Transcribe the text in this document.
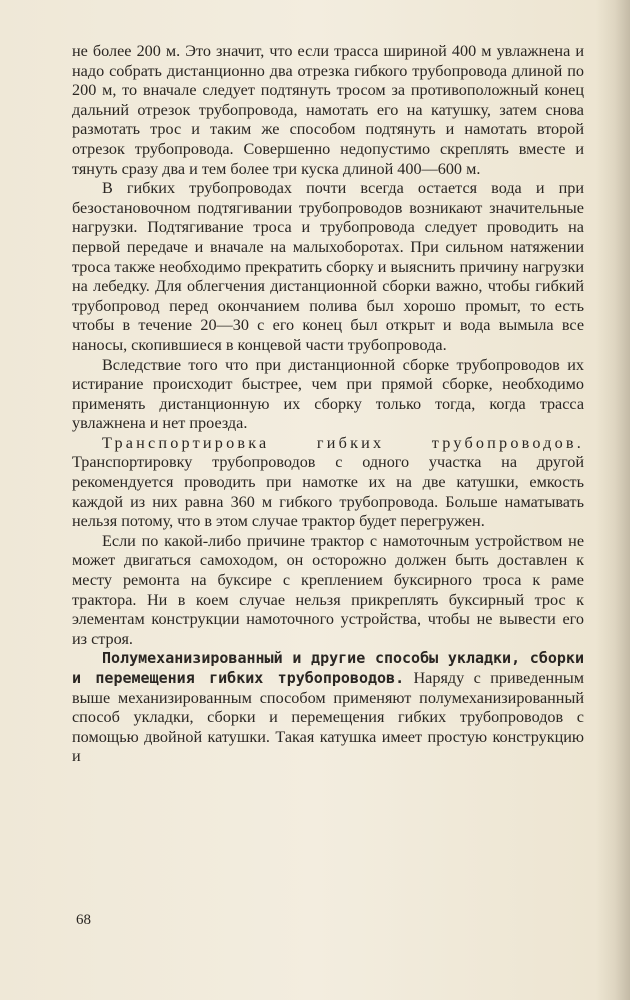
не более 200 м. Это значит, что если трасса шириной 400 м увлажнена и надо собрать дистанционно два отрезка гибкого трубопровода длиной по 200 м, то вначале следует подтянуть тросом за противоположный конец дальний отрезок трубопровода, намотать его на катушку, затем снова размотать трос и таким же способом подтянуть и намотать второй отрезок трубопровода. Совершенно недопустимо скреплять вместе и тянуть сразу два и тем более три куска длиной 400—600 м.

В гибких трубопроводах почти всегда остается вода и при безостановочном подтягивании трубопроводов возникают значительные нагрузки. Подтягивание троса и трубопровода следует проводить на первой передаче и вначале на малыхоборотах. При сильном натяжении троса также необходимо прекратить сборку и выяснить причину нагрузки на лебедку. Для облегчения дистанционной сборки важно, чтобы гибкий трубопровод перед окончанием полива был хорошо промыт, то есть чтобы в течение 20—30 с его конец был открыт и вода вымыла все наносы, скопившиеся в концевой части трубопровода.

Вследствие того что при дистанционной сборке трубопроводов их истирание происходит быстрее, чем при прямой сборке, необходимо применять дистанционную их сборку только тогда, когда трасса увлажнена и нет проезда.

Транспортировка гибких трубопроводов. Транспортировку трубопроводов с одного участка на другой рекомендуется проводить при намотке их на две катушки, емкость каждой из них равна 360 м гибкого трубопровода. Больше наматывать нельзя потому, что в этом случае трактор будет перегружен.

Если по какой-либо причине трактор с намоточным устройством не может двигаться самоходом, он осторожно должен быть доставлен к месту ремонта на буксире с креплением буксирного троса к раме трактора. Ни в коем случае нельзя прикреплять буксирный трос к элементам конструкции намоточного устройства, чтобы не вывести его из строя.

Полумеханизированный и другие способы укладки, сборки и перемещения гибких трубопроводов. Наряду с приведенным выше механизированным способом применяют полумеханизированный способ укладки, сборки и перемещения гибких трубопроводов с помощью двойной катушки. Такая катушка имеет простую конструкцию и

68
